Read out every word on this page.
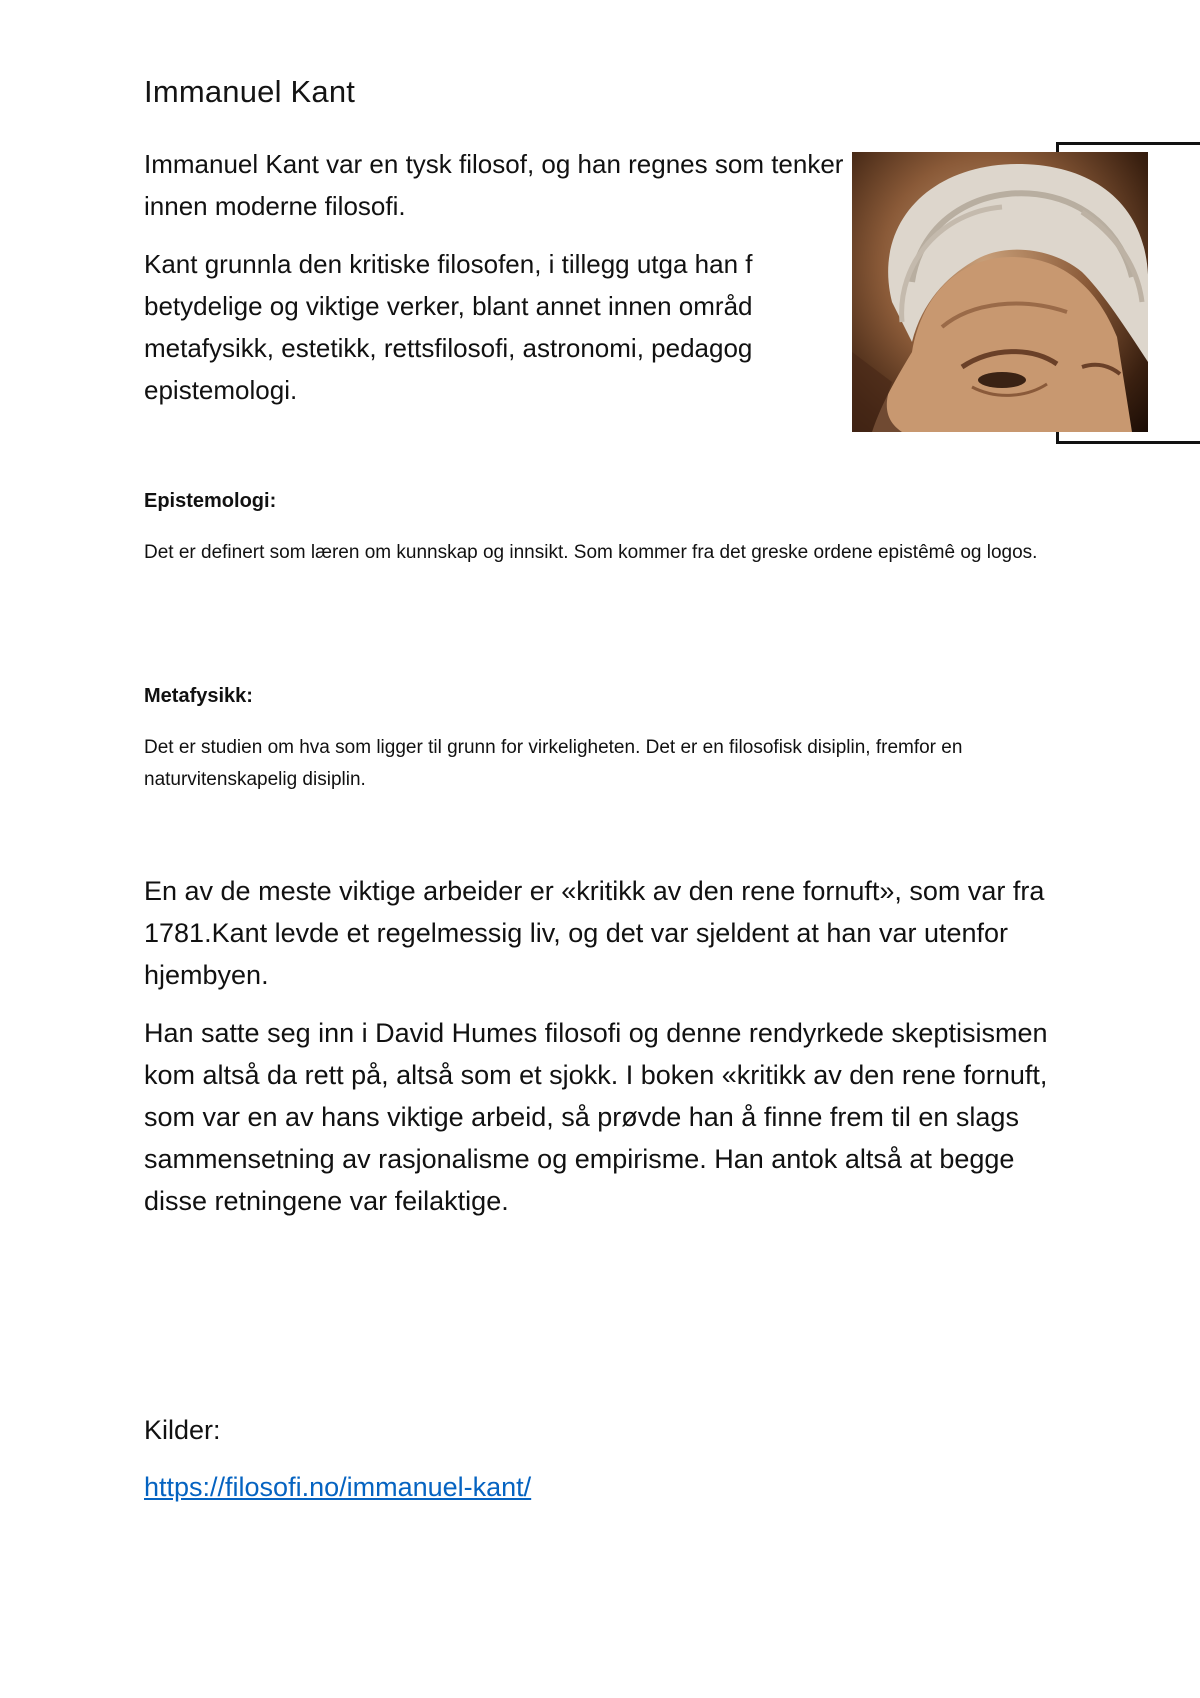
Immanuel Kant

Immanuel Kant var en tysk filosof, og han regnes som tenker innen moderne filosofi.

Kant grunnla den kritiske filosofen, i tillegg utga han f betydelige og viktige verker, blant annet innen områd metafysikk, estetikk, rettsfilosofi, astronomi, pedagog epistemologi.

Epistemologi:

Det er definert som læren om kunnskap og innsikt. Som kommer fra det greske ordene epistêmê og logos.

Metafysikk:

Det er studien om hva som ligger til grunn for virkeligheten. Det er en filosofisk disiplin, fremfor en naturvitenskapelig disiplin.

En av de meste viktige arbeider er «kritikk av den rene fornuft», som var fra 1781.Kant levde et regelmessig liv, og det var sjeldent at han var utenfor hjembyen.

Han satte seg inn i David Humes filosofi og denne rendyrkede skeptisismen kom altså da rett på, altså som et sjokk. I boken «kritikk av den rene fornuft, som var en av hans viktige arbeid, så prøvde han å finne frem til en slags sammensetning av rasjonalisme og empirisme. Han antok altså at begge disse retningene var feilaktige.

Kilder:

https://filosofi.no/immanuel-kant/
